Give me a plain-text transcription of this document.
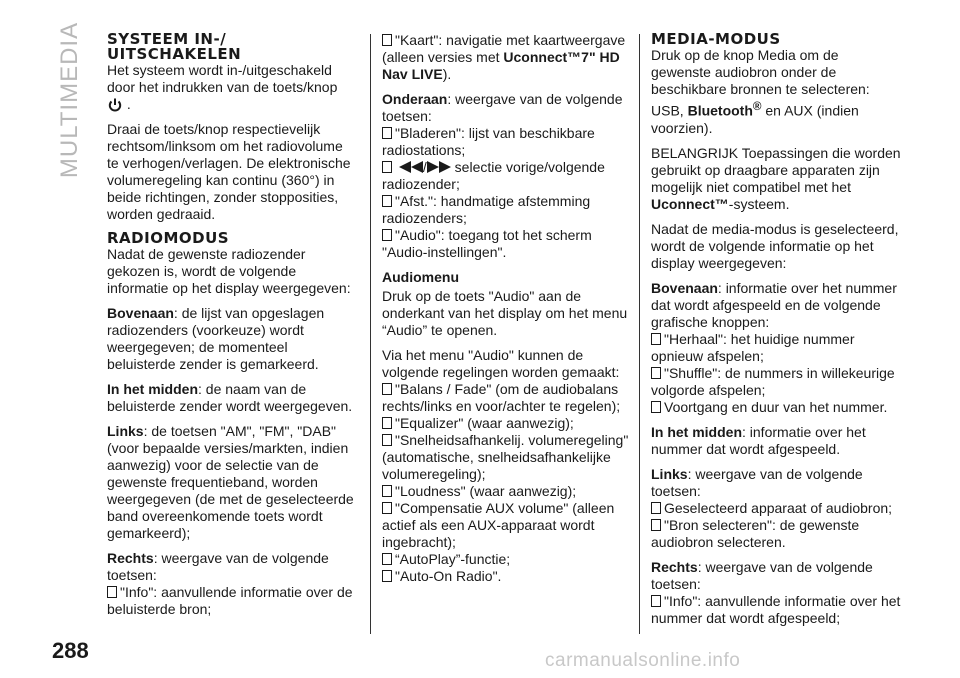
MULTIMEDIA
288
SYSTEEM IN-/
UITSCHAKELEN

Het systeem wordt in-/uitgeschakeld door het indrukken van de toets/knop
.

Draai de toets/knop respectievelijk rechtsom/linksom om het radiovolume te verhogen/verlagen. De elektronische volumeregeling kan continu (360°) in beide richtingen, zonder stopposities, worden gedraaid.

RADIOMODUS

Nadat de gewenste radiozender gekozen is, wordt de volgende informatie op het display weergegeven:

Bovenaan: de lijst van opgeslagen radiozenders (voorkeuze) wordt weergegeven; de momenteel beluisterde zender is gemarkeerd.

In het midden: de naam van de beluisterde zender wordt weergegeven.

Links: de toetsen "AM", "FM", "DAB" (voor bepaalde versies/markten, indien aanwezig) voor de selectie van de gewenste frequentieband, worden weergegeven (de met de geselecteerde band overeenkomende toets wordt gemarkeerd);

Rechts: weergave van de volgende toetsen:

"Info": aanvullende informatie over de beluisterde bron;

"Kaart": navigatie met kaartweergave (alleen versies met Uconnect™7" HD Nav LIVE).

Onderaan: weergave van de volgende toetsen:

"Bladeren": lijst van beschikbare radiostations;

/ selectie vorige/volgende radiozender;

"Afst.": handmatige afstemming radiozenders;

"Audio": toegang tot het scherm "Audio-instellingen".

Audiomenu

Druk op de toets "Audio" aan de onderkant van het display om het menu “Audio” te openen.

Via het menu "Audio" kunnen de volgende regelingen worden gemaakt:

"Balans / Fade" (om de audiobalans rechts/links en voor/achter te regelen);

"Equalizer" (waar aanwezig);

"Snelheidsafhankelij. volumeregeling" (automatische, snelheidsafhankelijke volumeregeling);

"Loudness" (waar aanwezig);

"Compensatie AUX volume" (alleen actief als een AUX-apparaat wordt ingebracht);

“AutoPlay”-functie;

"Auto-On Radio".

MEDIA-MODUS

Druk op de knop Media om de gewenste audiobron onder de beschikbare bronnen te selecteren: USB, Bluetooth® en AUX (indien voorzien).

BELANGRIJK Toepassingen die worden gebruikt op draagbare apparaten zijn mogelijk niet compatibel met het Uconnect™-systeem.

Nadat de media-modus is geselecteerd, wordt de volgende informatie op het display weergegeven:

Bovenaan: informatie over het nummer dat wordt afgespeeld en de volgende grafische knoppen:

"Herhaal": het huidige nummer opnieuw afspelen;

"Shuffle": de nummers in willekeurige volgorde afspelen;

Voortgang en duur van het nummer.

In het midden: informatie over het nummer dat wordt afgespeeld.

Links: weergave van de volgende toetsen:

Geselecteerd apparaat of audiobron;

"Bron selecteren": de gewenste audiobron selecteren.

Rechts: weergave van de volgende toetsen:

"Info": aanvullende informatie over het nummer dat wordt afgespeeld;

carmanualsonline.info
